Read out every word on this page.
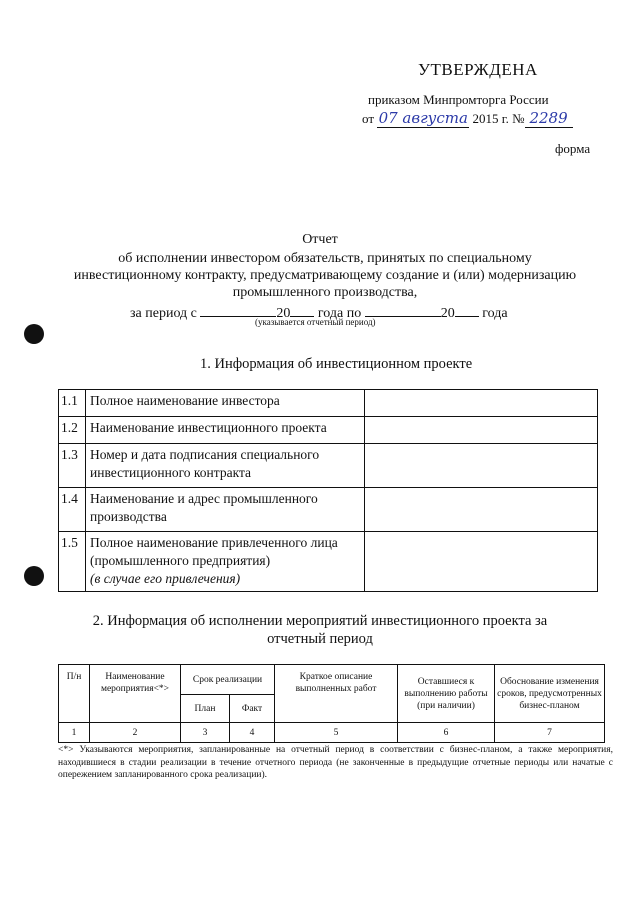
УТВЕРЖДЕНА
приказом Минпромторга России
от 07 августа 2015 г. № 2289
форма
Отчет
об исполнении инвестором обязательств, принятых по специальному
инвестиционному контракту, предусматривающему создание и (или) модернизацию
промышленного производства,
за период с	20 года по	20 года
(указывается отчетный период)
1. Информация об инвестиционном проекте
1.1	Полное наименование инвестора	
1.2	Наименование инвестиционного проекта	
1.3	Номер и дата подписания специального инвестиционного контракта	
1.4	Наименование и адрес промышленного производства	
1.5	Полное наименование привлеченного лица (промышленного предприятия)
(в случае его привлечения)	
2. Информация об исполнении мероприятий инвестиционного проекта за
отчетный период
П/н	Наименование мероприятия<*>	Срок реализации		Краткое описание выполненных работ	Оставшиеся к выполнению работы (при наличии)	Обоснование изменения сроков, предусмотренных бизнес-планом
		План	Факт			
1	2	3	4	5	6	7
<*> Указываются мероприятия, запланированные на отчетный период в соответствии с бизнес-планом, а также мероприятия, находившиеся в стадии реализации в течение отчетного периода (не законченные в предыдущие отчетные периоды или начатые с опережением запланированного срока реализации).
